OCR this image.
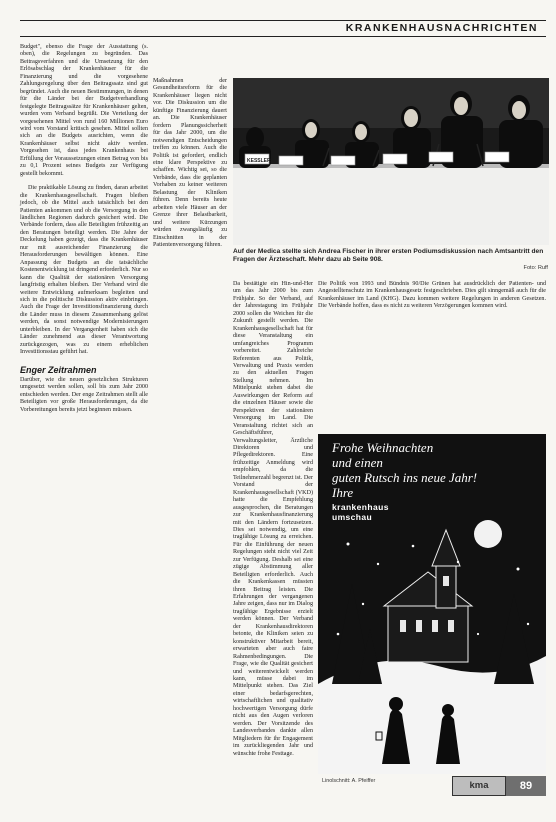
KRANKENHAUSNACHRICHTEN

Budget", ebenso die Frage der Ausstattung (s. oben), die Regelungen zu begründen. Das Beitragsverfahren und die Umsetzung für den Erlösabschlag der Krankenhäuser für die Finanzierung und die vorgesehene Zahlungsregelung über den Beitragssatz sind gut begründet. Auch die neuen Bestimmungen, in denen für die Länder bei der Budgetverhandlung festgelegte Beitragssätze für Krankenhäuser gelten, wurden vom Verband begrüßt. Die Verteilung der vorgesehenen Mittel von rund 160 Millionen Euro wird vom Vorstand kritisch gesehen. Mittel sollten sich an die Budgets ausrichten, wenn die Krankenhäuser selbst nicht aktiv werden. Vorgesehen ist, dass jedes Krankenhaus bei Erfüllung der Voraussetzungen einen Betrag von bis zu 0,1 Prozent seines Budgets zur Verfügung gestellt bekommt.

Die praktikable Lösung zu finden, daran arbeitet die Krankenhausgesellschaft. Fragen bleiben jedoch, ob die Mittel auch tatsächlich bei den Patienten ankommen und ob die Versorgung in den ländlichen Regionen dadurch gesichert wird. Die Verbände fordern, dass alle Beteiligten frühzeitig an den Beratungen beteiligt werden. Die Jahre der Deckelung haben gezeigt, dass die Krankenhäuser nur mit ausreichender Finanzierung die Herausforderungen bewältigen können. Eine Anpassung der Budgets an die tatsächliche Kostenentwicklung ist dringend erforderlich. Nur so kann die Qualität der stationären Versorgung langfristig erhalten bleiben. Der Verband wird die weitere Entwicklung aufmerksam begleiten und sich in die politische Diskussion aktiv einbringen. Auch die Frage der Investitionsfinanzierung durch die Länder muss in diesem Zusammenhang gelöst werden, da sonst notwendige Modernisierungen unterbleiben. In der Vergangenheit haben sich die Länder zunehmend aus dieser Verantwortung zurückgezogen, was zu einem erheblichen Investitionsstau geführt hat.

Enger Zeitrahmen

Darüber, wie die neuen gesetzlichen Strukturen umgesetzt werden sollen, soll bis zum Jahr 2000 entschieden werden. Der enge Zeitrahmen stellt alle Beteiligten vor große Herausforderungen, da die Vorbereitungen bereits jetzt beginnen müssen.

Maßnahmen der Gesundheitsreform für die Krankenhäuser liegen nicht vor. Die Diskussion um die künftige Finanzierung dauert an. Die Krankenhäuser fordern Planungssicherheit für das Jahr 2000, um die notwendigen Entscheidungen treffen zu können. Auch die Politik ist gefordert, endlich eine klare Perspektive zu schaffen. Wichtig sei, so die Verbände, dass die geplanten Vorhaben zu keiner weiteren Belastung der Kliniken führen. Denn bereits heute arbeiten viele Häuser an der Grenze ihrer Belastbarkeit, und weitere Kürzungen würden zwangsläufig zu Einschnitten in der Patientenversorgung führen.

KESSLER
Auf der Medica stellte sich Andrea Fischer in ihrer ersten Podiumsdiskussion nach Amtsantritt den Fragen der Ärzteschaft. Mehr dazu ab Seite 908.
Foto: Ruff

Da bestätigte ein Hin-und-Her um das Jahr 2000 bis zum Frühjahr. So der Verband, auf der Jahrestagung im Frühjahr 2000 sollen die Weichen für die Zukunft gestellt werden. Die Krankenhausgesellschaft hat für diese Veranstaltung ein umfangreiches Programm vorbereitet. Zahlreiche Referenten aus Politik, Verwaltung und Praxis werden zu den aktuellen Fragen Stellung nehmen. Im Mittelpunkt stehen dabei die Auswirkungen der Reform auf die einzelnen Häuser sowie die Perspektiven der stationären Versorgung im Land. Die Veranstaltung richtet sich an Geschäftsführer, Verwaltungsleiter, Ärztliche Direktoren und Pflegedirektoren. Eine frühzeitige Anmeldung wird empfohlen, da die Teilnehmerzahl begrenzt ist. Der Vorstand der Krankenhausgesellschaft (VKD) hatte die Empfehlung ausgesprochen, die Beratungen zur Krankenhausfinanzierung mit den Ländern fortzusetzen. Dies sei notwendig, um eine tragfähige Lösung zu erreichen. Für die Einführung der neuen Regelungen steht nicht viel Zeit zur Verfügung. Deshalb sei eine zügige Abstimmung aller Beteiligten erforderlich. Auch die Krankenkassen müssten ihren Beitrag leisten. Die Erfahrungen der vergangenen Jahre zeigen, dass nur im Dialog tragfähige Ergebnisse erzielt werden können. Der Verband der Krankenhausdirektoren betonte, die Kliniken seien zu konstruktiver Mitarbeit bereit, erwarteten aber auch faire Rahmenbedingungen. Die Frage, wie die Qualität gesichert und weiterentwickelt werden kann, müsse dabei im Mittelpunkt stehen. Das Ziel einer bedarfsgerechten, wirtschaftlichen und qualitativ hochwertigen Versorgung dürfe nicht aus den Augen verloren werden. Der Vorsitzende des Landesverbandes dankte allen Mitgliedern für ihr Engagement im zurückliegenden Jahr und wünschte frohe Festtage.

Die Politik von 1993 und Bündnis 90/Die Grünen hat ausdrücklich der Patienten- und Angestelltenschutz im Krankenhausgesetz festgeschrieben. Dies gilt sinngemäß auch für die Krankenhäuser im Land (KHG). Dazu kommen weitere Regelungen in anderen Gesetzen. Die Verbände hoffen, dass es nicht zu weiteren Verzögerungen kommen wird.

Frohe Weihnachten
und einen
guten Rutsch ins neue Jahr!
Ihre
krankenhaus
umschau
Linolschnitt: A. Pfeiffer	kma	89
